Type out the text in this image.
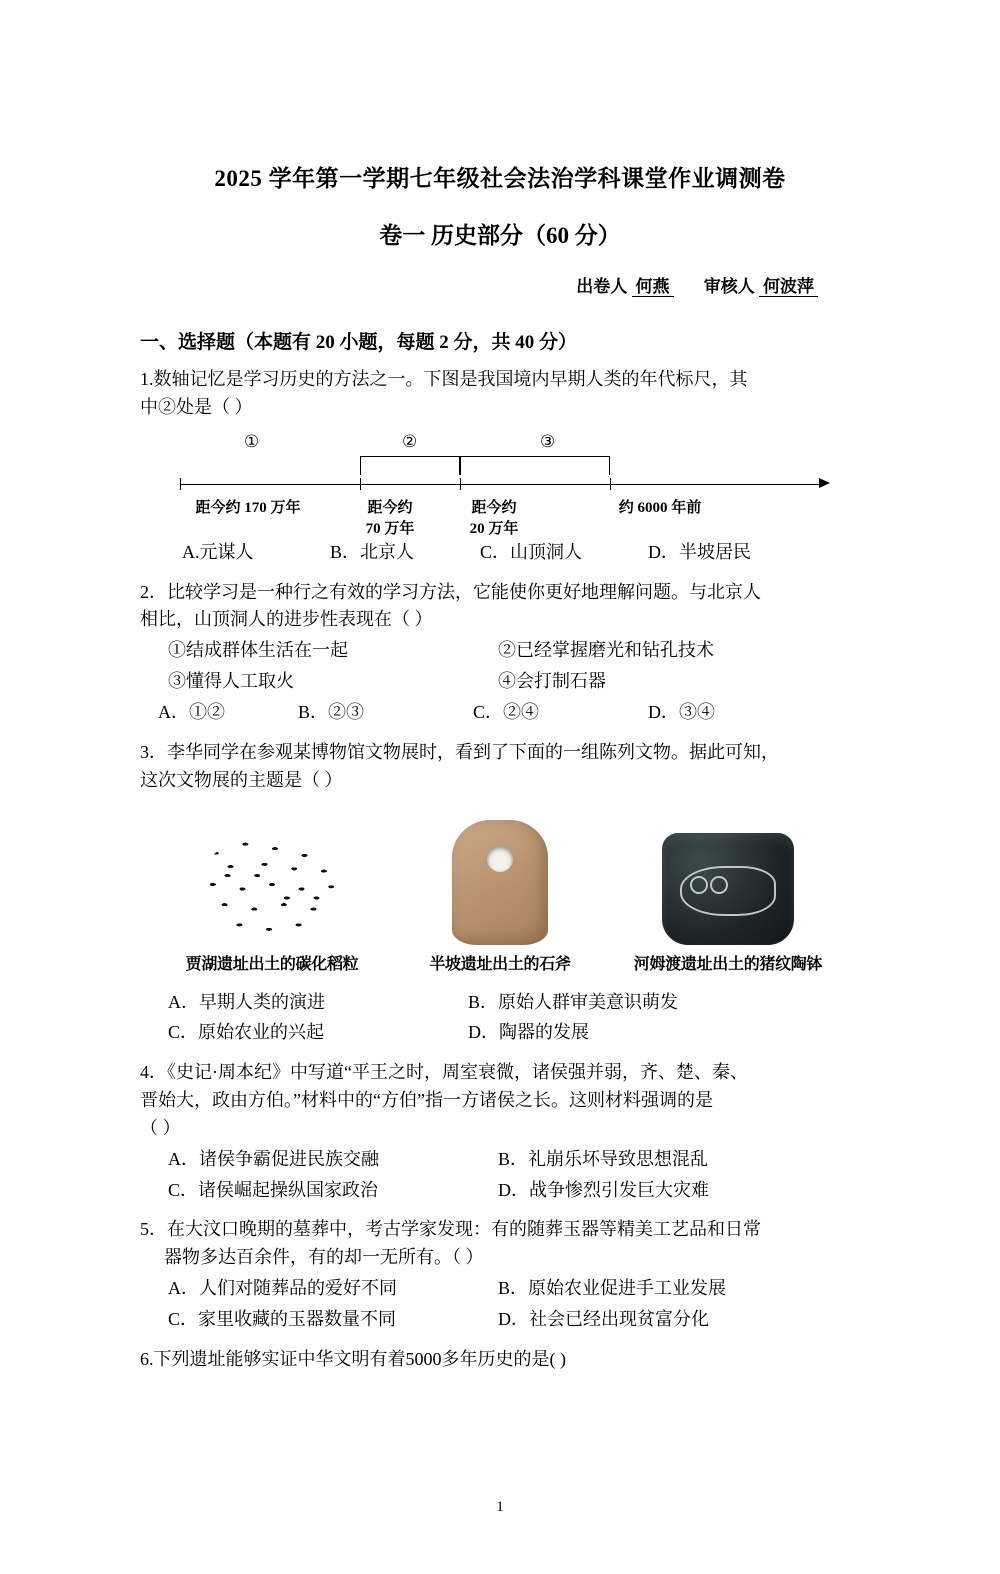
2025 学年第一学期七年级社会法治学科课堂作业调测卷
卷一 历史部分（60 分）
出卷人 何燕 审核人 何波萍
一、选择题（本题有 20 小题，每题 2 分，共 40 分）
1.数轴记忆是学习历史的方法之一。下图是我国境内早期人类的年代标尺，其
中②处是（ ）
①	②	③
距今约 170 万年	距今约
70 万年
距今约
20 万年
约 6000 年前
A.元谋人	B．北京人	C．山顶洞人	D．半坡居民
2．比较学习是一种行之有效的学习方法，它能使你更好地理解问题。与北京人
相比，山顶洞人的进步性表现在（ ）
①结成群体生活在一起	②已经掌握磨光和钻孔技术
③懂得人工取火	④会打制石器
A．①②	B．②③	C．②④	D．③④
3．李华同学在参观某博物馆文物展时，看到了下面的一组陈列文物。据此可知，
这次文物展的主题是（ ）
贾湖遗址出土的碳化稻粒	半坡遗址出土的石斧	河姆渡遗址出土的猪纹陶钵
A．早期人类的演进	B．原始人群审美意识萌发
C．原始农业的兴起	D．陶器的发展
4．《史记·周本纪》中写道“平王之时，周室衰微，诸侯强并弱，齐、楚、秦、
晋始大，政由方伯。”材料中的“方伯”指一方诸侯之长。这则材料强调的是
（ ）
A．诸侯争霸促进民族交融	B．礼崩乐坏导致思想混乱
C．诸侯崛起操纵国家政治	D．战争惨烈引发巨大灾难
5．在大汶口晚期的墓葬中，考古学家发现：有的随葬玉器等精美工艺品和日常
器物多达百余件，有的却一无所有。（ ）
A．人们对随葬品的爱好不同	B．原始农业促进手工业发展
C．家里收藏的玉器数量不同	D．社会已经出现贫富分化
6.下列遗址能够实证中华文明有着5000多年历史的是( )
1
